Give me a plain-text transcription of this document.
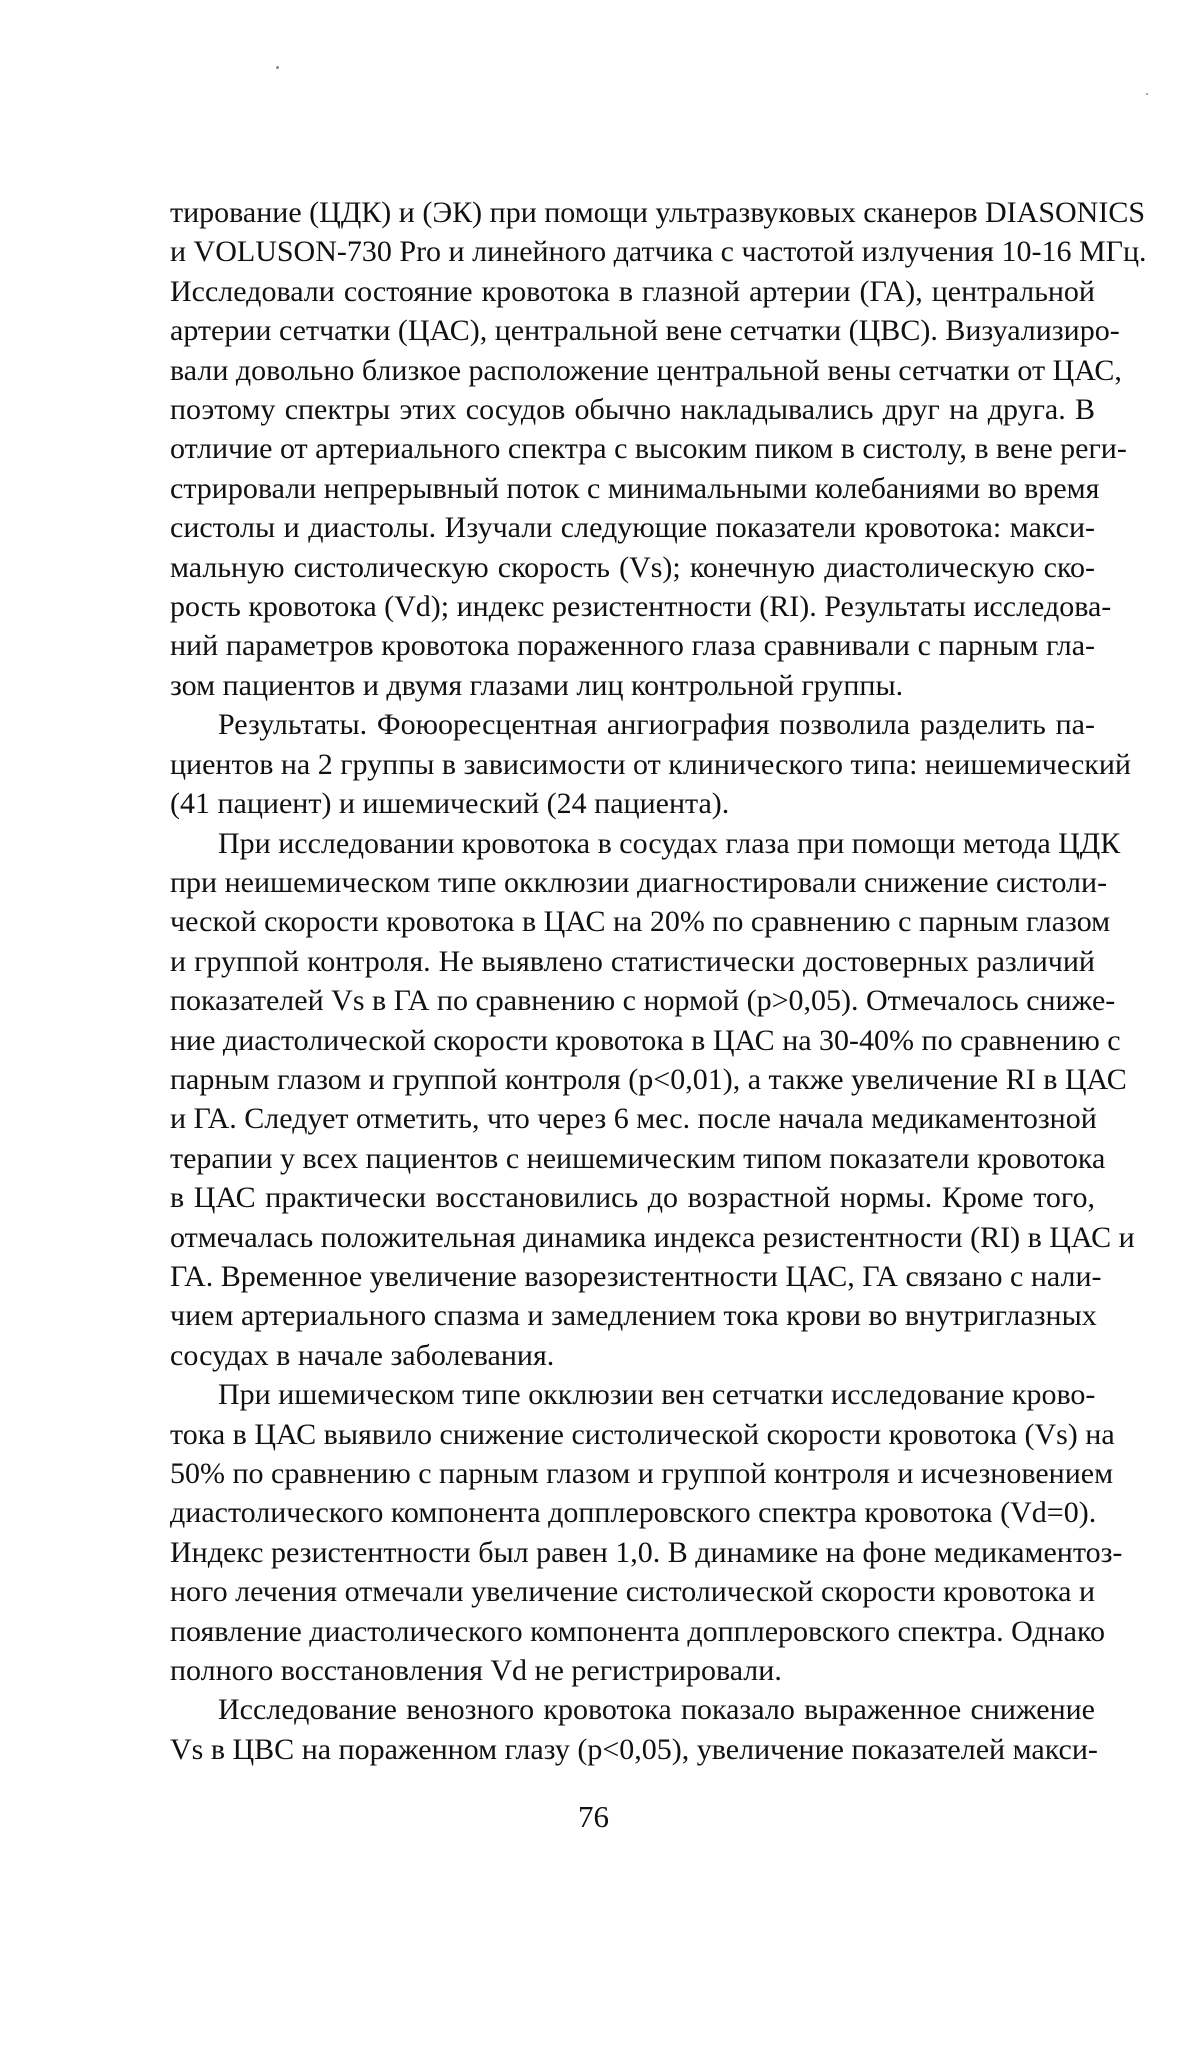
тирование (ЦДК) и (ЭК) при помощи ультразвуковых сканеров DIASONICS
и VOLUSON-730 Pro и линейного датчика с частотой излучения 10-16 МГц.
Исследовали состояние кровотока в глазной артерии (ГА), центральной
артерии сетчатки (ЦАС), центральной вене сетчатки (ЦВС). Визуализиро-
вали довольно близкое расположение центральной вены сетчатки от ЦАС,
поэтому спектры этих сосудов обычно накладывались друг на друга. В
отличие от артериального спектра с высоким пиком в систолу, в вене реги-
стрировали непрерывный поток с минимальными колебаниями во время
систолы и диастолы. Изучали следующие показатели кровотока: макси-
мальную систолическую скорость (Vs); конечную диастолическую ско-
рость кровотока (Vd); индекс резистентности (RI). Результаты исследова-
ний параметров кровотока пораженного глаза сравнивали с парным гла-
зом пациентов и двумя глазами лиц контрольной группы.

Результаты. Фоюоресцентная ангиография позволила разделить па-
циентов на 2 группы в зависимости от клинического типа: неишемический
(41 пациент) и ишемический (24 пациента).

При исследовании кровотока в сосудах глаза при помощи метода ЦДК
при неишемическом типе окклюзии диагностировали снижение систоли-
ческой скорости кровотока в ЦАС на 20% по сравнению с парным глазом
и группой контроля. Не выявлено статистически достоверных различий
показателей Vs в ГА по сравнению с нормой (p>0,05). Отмечалось сниже-
ние диастолической скорости кровотока в ЦАС на 30-40% по сравнению с
парным глазом и группой контроля (p<0,01), а также увеличение RI в ЦАС
и ГА. Следует отметить, что через 6 мес. после начала медикаментозной
терапии у всех пациентов с неишемическим типом показатели кровотока
в ЦАС практически восстановились до возрастной нормы. Кроме того,
отмечалась положительная динамика индекса резистентности (RI) в ЦАС и
ГА. Временное увеличение вазорезистентности ЦАС, ГА связано с нали-
чием артериального спазма и замедлением тока крови во внутриглазных
сосудах в начале заболевания.

При ишемическом типе окклюзии вен сетчатки исследование крово-
тока в ЦАС выявило снижение систолической скорости кровотока (Vs) на
50% по сравнению с парным глазом и группой контроля и исчезновением
диастолического компонента допплеровского спектра кровотока (Vd=0).
Индекс резистентности был равен 1,0. В динамике на фоне медикаментоз-
ного лечения отмечали увеличение систолической скорости кровотока и
появление диастолического компонента допплеровского спектра. Однако
полного восстановления Vd не регистрировали.

Исследование венозного кровотока показало выраженное снижение
Vs в ЦВС на пораженном глазу (p<0,05), увеличение показателей макси-

76
